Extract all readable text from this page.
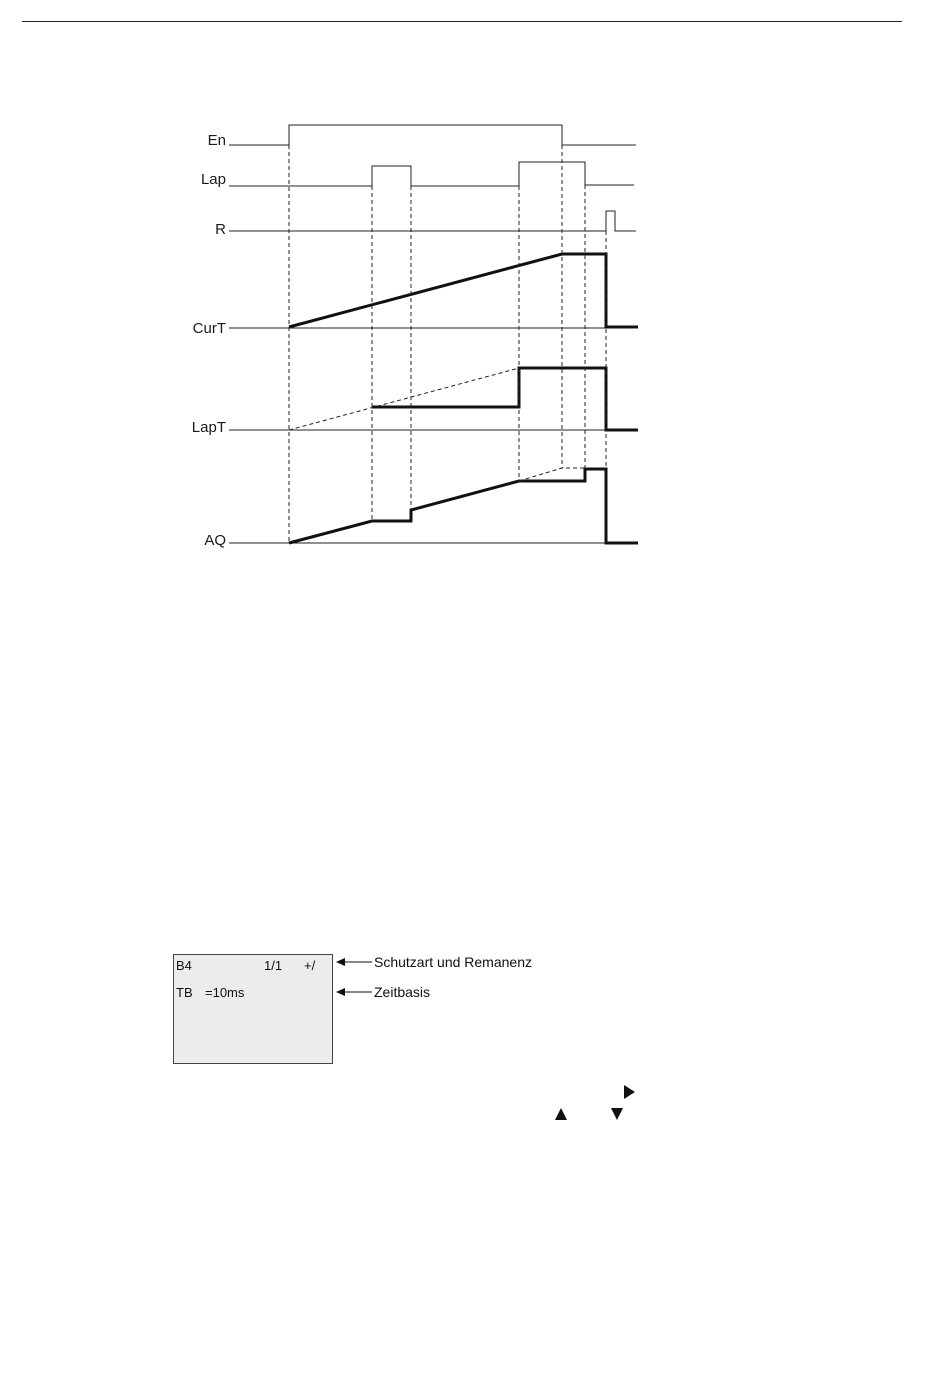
En
Lap
R
CurT
LapT
AQ
B4	1/1 +/
TB =10ms
Schutzart und Remanenz
Zeitbasis
